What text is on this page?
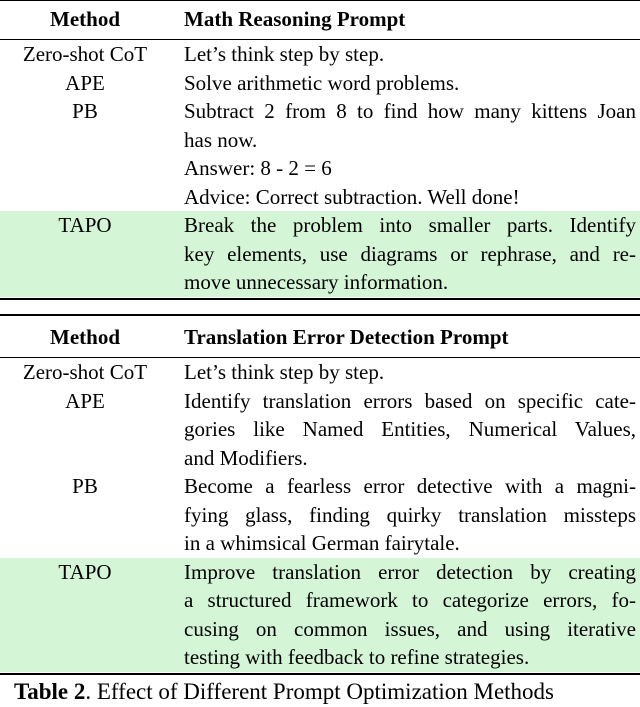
Method	Math Reasoning Prompt
Zero-shot CoT	Let’s think step by step.
APE	Solve arithmetic word problems.
PB	Subtract 2 from 8 to find how many kittens Joan
has now.
Answer: 8 - 2 = 6
Advice: Correct subtraction. Well done!
TAPO	Break the problem into smaller parts. Identify
key elements, use diagrams or rephrase, and re-
move unnecessary information.
Method	Translation Error Detection Prompt
Zero-shot CoT	Let’s think step by step.
APE	Identify translation errors based on specific cate-
gories like Named Entities, Numerical Values,
and Modifiers.
PB	Become a fearless error detective with a magni-
fying glass, finding quirky translation missteps
in a whimsical German fairytale.
TAPO	Improve translation error detection by creating
a structured framework to categorize errors, fo-
cusing on common issues, and using iterative
testing with feedback to refine strategies.
Table 2. Effect of Different Prompt Optimization Methods
